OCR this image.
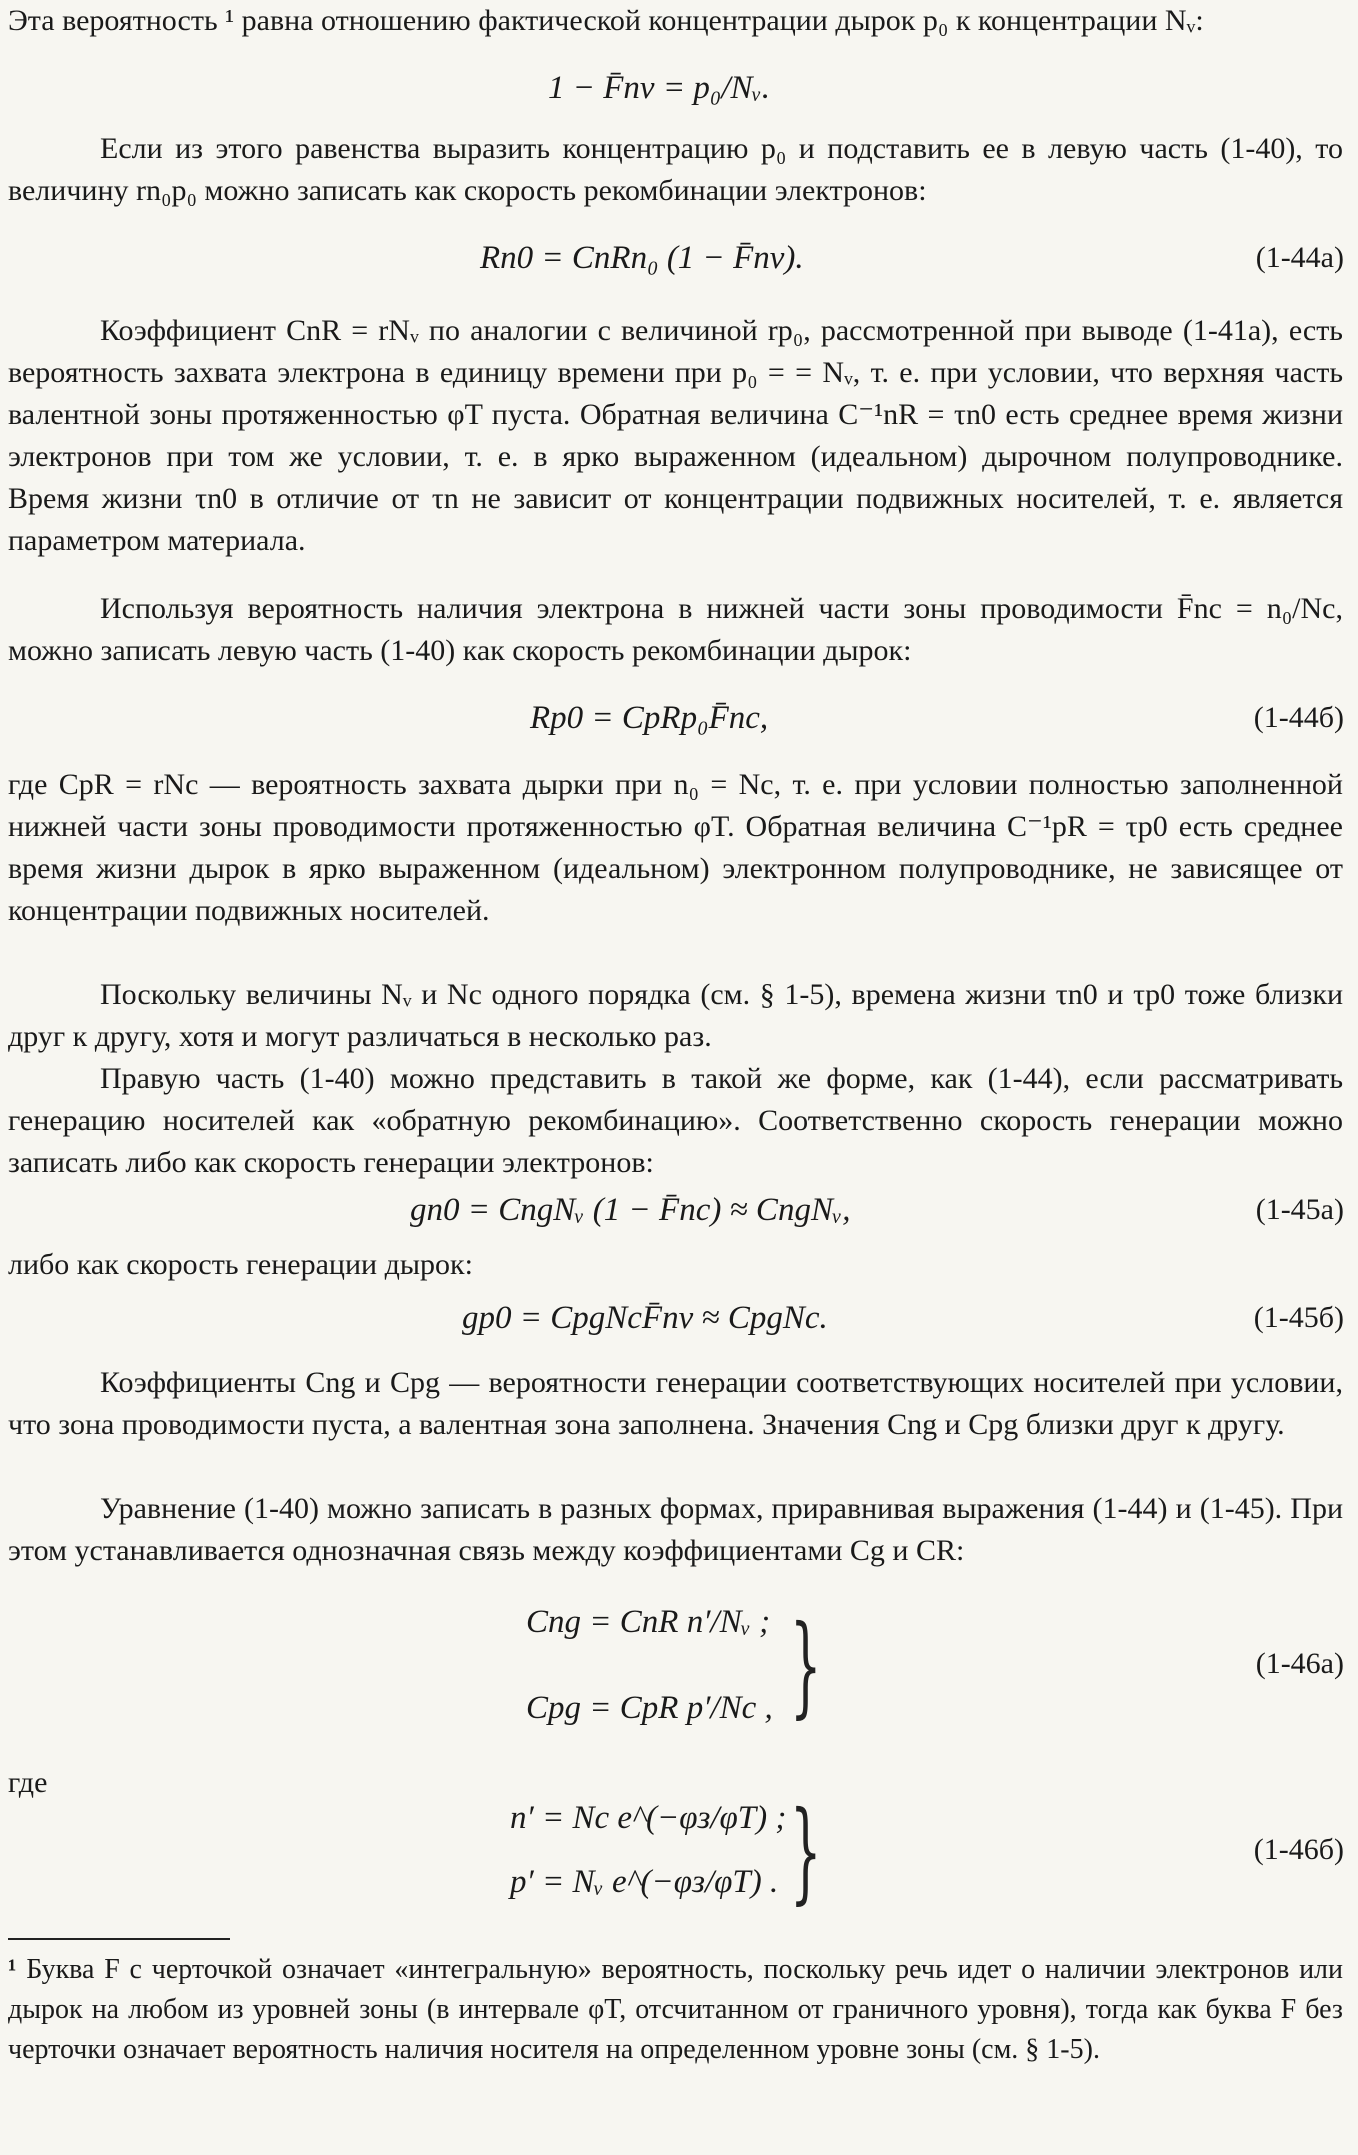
Эта вероятность ¹ равна отношению фактической концентрации дырок p₀ к концентрации Nᵥ:

1 − F̄nv = p₀/Nᵥ.

Если из этого равенства выразить концентрацию p₀ и подставить ее в левую часть (1-40), то величину rn₀p₀ можно записать как скорость рекомбинации электронов:

Rn0 = CnRn₀ (1 − F̄nv).	(1-44а)

Коэффициент CnR = rNᵥ по аналогии с величиной rp₀, рассмотренной при выводе (1-41а), есть вероятность захвата электрона в единицу времени при p₀ = = Nᵥ, т. е. при условии, что верхняя часть валентной зоны протяженностью φT пуста. Обратная величина C⁻¹nR = τn0 есть среднее время жизни электронов при том же условии, т. е. в ярко выраженном (идеальном) дырочном полупроводнике. Время жизни τn0 в отличие от τn не зависит от концентрации подвижных носителей, т. е. является параметром материала.

Используя вероятность наличия электрона в нижней части зоны проводимости F̄nc = n₀/Nc, можно записать левую часть (1-40) как скорость рекомбинации дырок:

Rp0 = CpRp₀F̄nc,	(1-44б)

где CpR = rNc — вероятность захвата дырки при n₀ = Nc, т. е. при условии полностью заполненной нижней части зоны проводимости протяженностью φT. Обратная величина C⁻¹pR = τp0 есть среднее время жизни дырок в ярко выраженном (идеальном) электронном полупроводнике, не зависящее от концентрации подвижных носителей.

Поскольку величины Nᵥ и Nc одного порядка (см. § 1-5), времена жизни τn0 и τp0 тоже близки друг к другу, хотя и могут различаться в несколько раз.

Правую часть (1-40) можно представить в такой же форме, как (1-44), если рассматривать генерацию носителей как «обратную рекомбинацию». Соответственно скорость генерации можно записать либо как скорость генерации электронов:

gn0 = CngNᵥ (1 − F̄nc) ≈ CngNᵥ,	(1-45а)

либо как скорость генерации дырок:

gp0 = CpgNcF̄nv ≈ CpgNc.	(1-45б)

Коэффициенты Cng и Cpg — вероятности генерации соответствующих носителей при условии, что зона проводимости пуста, а валентная зона заполнена. Значения Cng и Cpg близки друг к другу.

Уравнение (1-40) можно записать в разных формах, приравнивая выражения (1-44) и (1-45). При этом устанавливается однозначная связь между коэффициентами Cg и CR:

Cng = CnR n′/Nᵥ ;
Cpg = CpR p′/Nc , }	(1-46а)

где

n′ = Nc e^(−φз/φT) ;
p′ = Nᵥ e^(−φз/φT) . }	(1-46б)

¹ Буква F с черточкой означает «интегральную» вероятность, поскольку речь идет о наличии электронов или дырок на любом из уровней зоны (в интервале φT, отсчитанном от граничного уровня), тогда как буква F без черточки означает вероятность наличия носителя на определенном уровне зоны (см. § 1-5).
